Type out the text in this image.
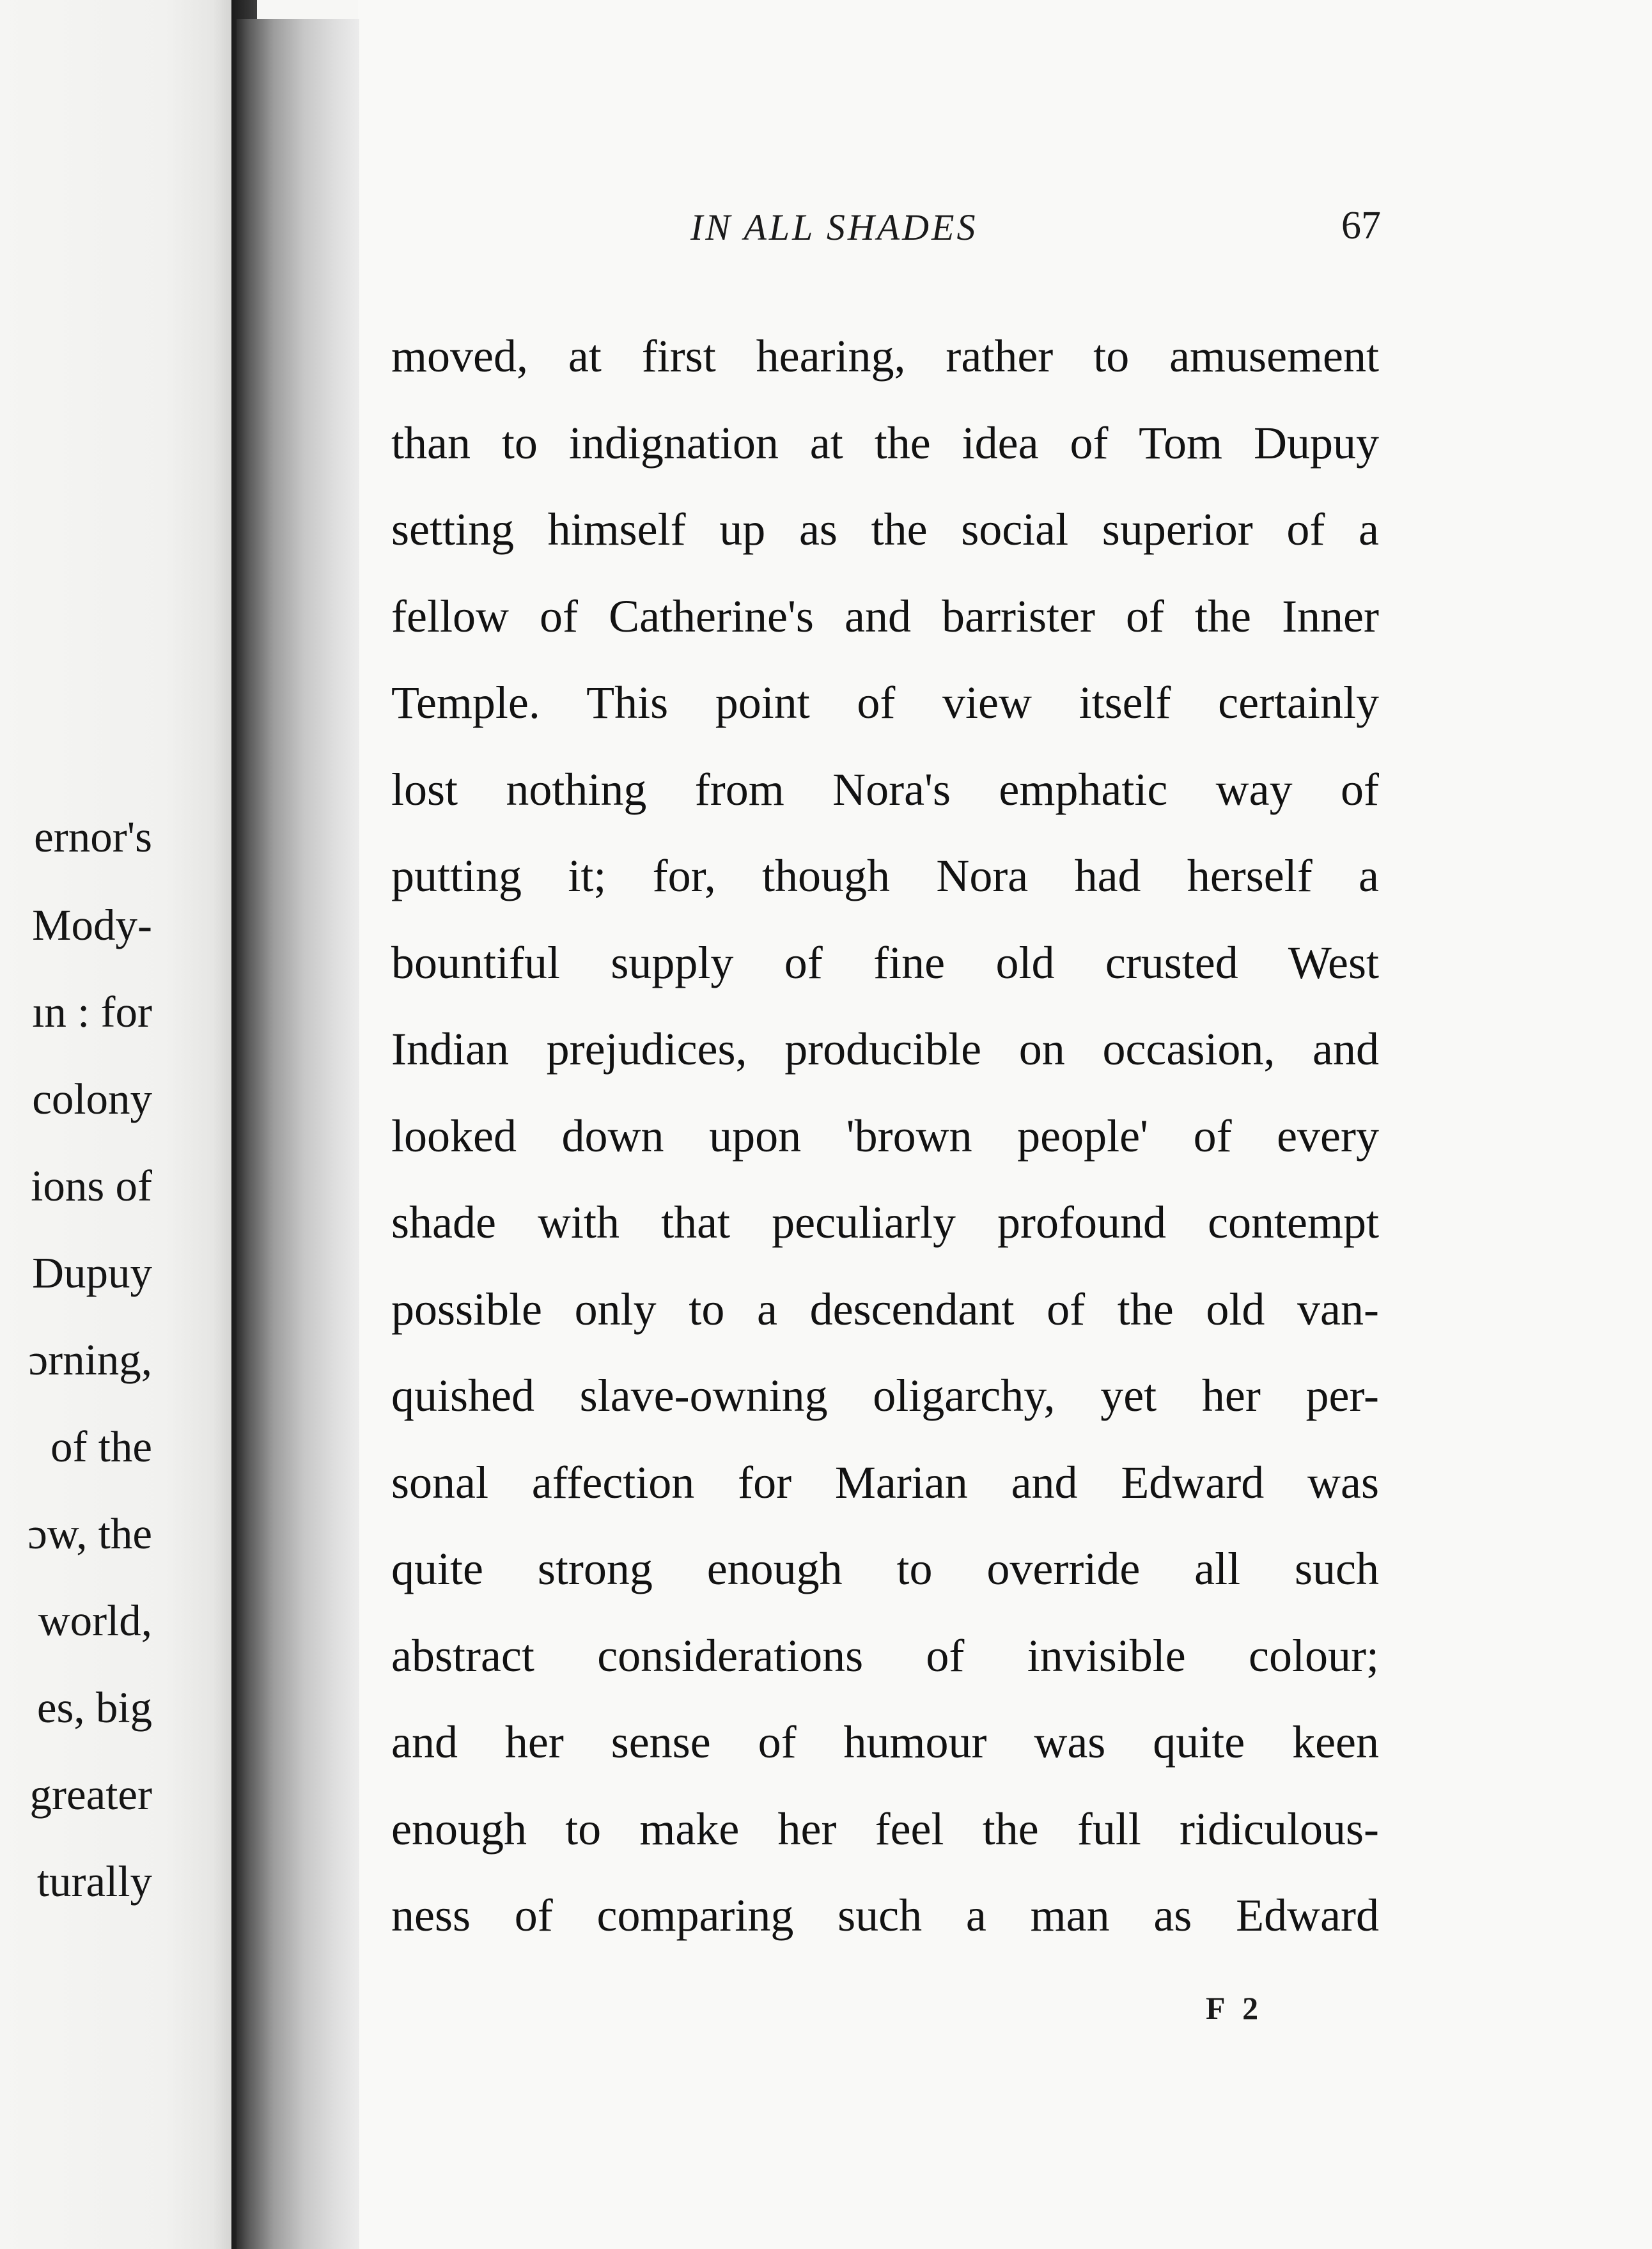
ernor's
Mody-
ın : for
colony
ions of
Dupuy
ɔrning,
of the
ɔw, the
world,
es, big
greater
turally
IN ALL SHADES	67
moved, at first hearing, rather to amusement
than to indignation at the idea of Tom Dupuy
setting himself up as the social superior of a
fellow of Catherine's and barrister of the Inner
Temple. This point of view itself certainly
lost nothing from Nora's emphatic way of
putting it; for, though Nora had herself a
bountiful supply of fine old crusted West
Indian prejudices, producible on occasion, and
looked down upon 'brown people' of every
shade with that peculiarly profound contempt
possible only to a descendant of the old van-
quished slave-owning oligarchy, yet her per-
sonal affection for Marian and Edward was
quite strong enough to override all such
abstract considerations of invisible colour;
and her sense of humour was quite keen
enough to make her feel the full ridiculous-
ness of comparing such a man as Edward
F 2
